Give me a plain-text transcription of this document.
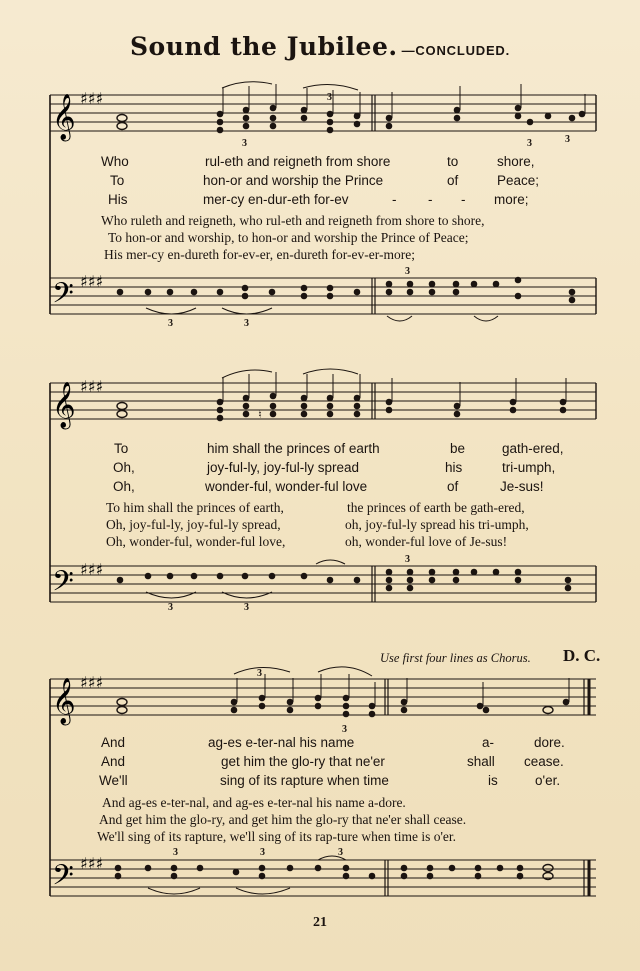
Sound the Jubilee. —CONCLUDED.
𝄞
𝄢
♯♯♯
♯♯♯
3
3
3
3
3	3
3
Who	rul-eth and reigneth from shore	to	shore,
To	hon-or and worship the Prince	of	Peace;
His	mer-cy en-dur-eth for-ev	- - - more;
Who ruleth and reigneth, who rul-eth and reigneth from shore to shore,
To hon-or and worship, to hon-or and worship the Prince of Peace;
His mer-cy en-dureth for-ev-er, en-dureth for-ev-er-more;
𝄞
𝄢
♯♯♯
♯♯♯
♮
3	3
3
To	him shall the princes of earth	be	gath-ered,
Oh,	joy-ful-ly, joy-ful-ly spread	his	tri-umph,
Oh,	wonder-ful, wonder-ful love	of	Je-sus!
To him shall the princes of earth,	the princes of earth be gath-ered,
Oh, joy-ful-ly, joy-ful-ly spread,	oh, joy-ful-ly spread his tri-umph,
Oh, wonder-ful, wonder-ful love,	oh, wonder-ful love of Je-sus!
Use first four lines as Chorus. D. C.
𝄞
𝄢
♯♯♯
♯♯♯
3
3
3	3	3
And	ag-es e-ter-nal his name	a-	dore.
And	get him the glo-ry that ne'er	shall cease.
We'll	sing of its rapture when time	is	o'er.
And ag-es e-ter-nal, and ag-es e-ter-nal his name a-dore.
And get him the glo-ry, and get him the glo-ry that ne'er shall cease.
We'll sing of its rapture, we'll sing of its rap-ture when time is o'er.
21
